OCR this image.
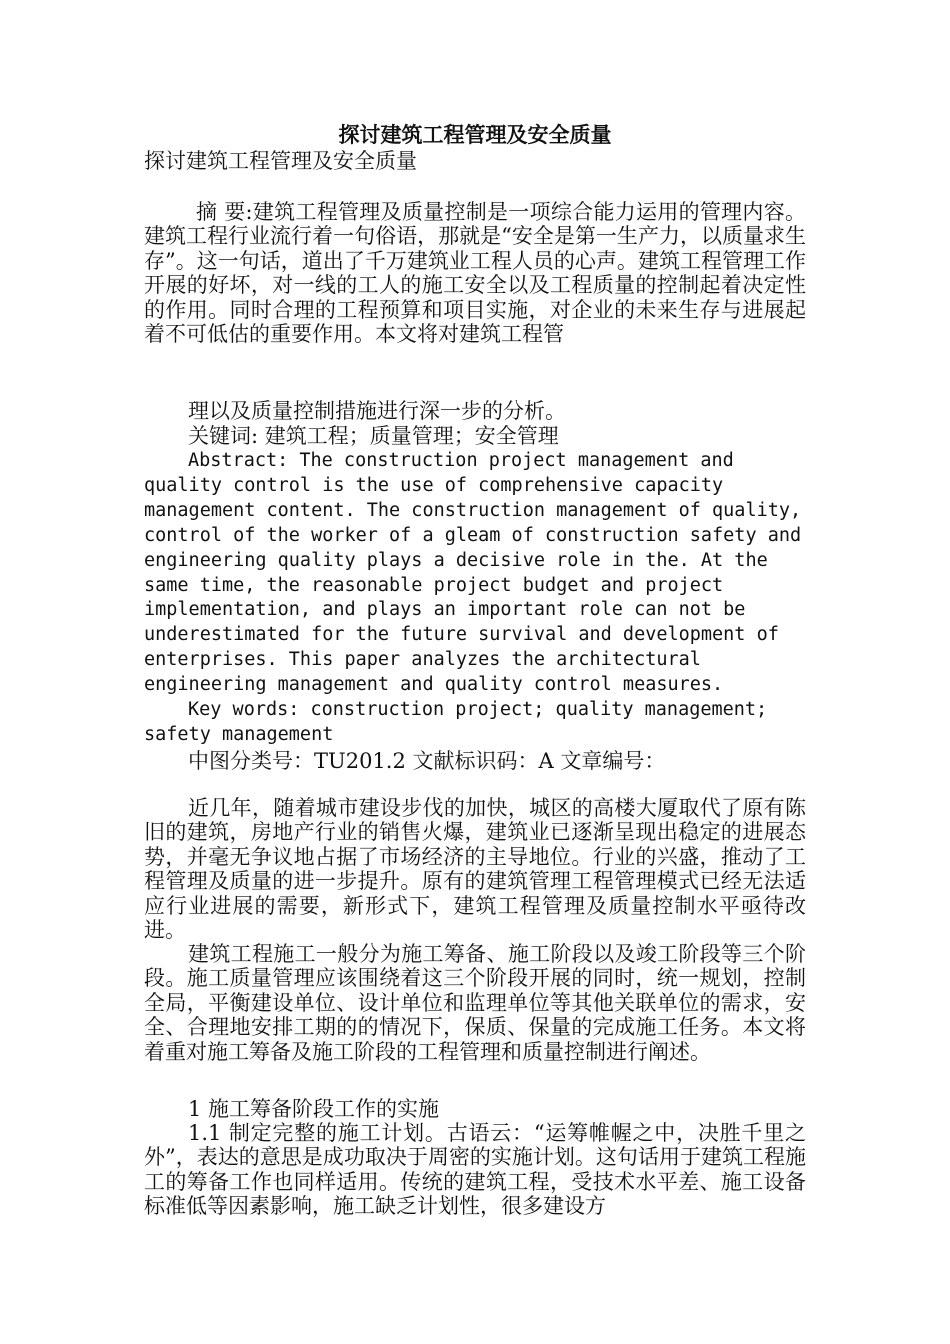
探讨建筑工程管理及安全质量

探讨建筑工程管理及安全质量

摘 要:建筑工程管理及质量控制是一项综合能力运用的管理内容。建筑工程行业流行着一句俗语，那就是“安全是第一生产力，以质量求生存”。这一句话，道出了千万建筑业工程人员的心声。建筑工程管理工作开展的好坏，对一线的工人的施工安全以及工程质量的控制起着决定性的作用。同时合理的工程预算和项目实施，对企业的未来生存与进展起着不可低估的重要作用。本文将对建筑工程管

理以及质量控制措施进行深一步的分析。

关键词: 建筑工程；质量管理；安全管理

Abstract: The construction project management and quality control is the use of comprehensive capacity management content. The construction management of quality, control of the worker of a gleam of construction safety and engineering quality plays a decisive role in the. At the same time, the reasonable project budget and project implementation, and plays an important role can not be underestimated for the future survival and development of enterprises. This paper analyzes the architectural engineering management and quality control measures.

Key words: construction project; quality management; safety management

中图分类号：TU201.2 文献标识码：A 文章编号：

近几年，随着城市建设步伐的加快，城区的高楼大厦取代了原有陈旧的建筑，房地产行业的销售火爆，建筑业已逐渐呈现出稳定的进展态势，并毫无争议地占据了市场经济的主导地位。行业的兴盛，推动了工程管理及质量的进一步提升。原有的建筑管理工程管理模式已经无法适应行业进展的需要，新形式下，建筑工程管理及质量控制水平亟待改进。

建筑工程施工一般分为施工筹备、施工阶段以及竣工阶段等三个阶段。施工质量管理应该围绕着这三个阶段开展的同时，统一规划，控制全局，平衡建设单位、设计单位和监理单位等其他关联单位的需求，安全、合理地安排工期的的情况下，保质、保量的完成施工任务。本文将着重对施工筹备及施工阶段的工程管理和质量控制进行阐述。

1 施工筹备阶段工作的实施

1.1 制定完整的施工计划。古语云：“运筹帷幄之中，决胜千里之外”，表达的意思是成功取决于周密的实施计划。这句话用于建筑工程施工的筹备工作也同样适用。传统的建筑工程，受技术水平差、施工设备标准低等因素影响，施工缺乏计划性，很多建设方
